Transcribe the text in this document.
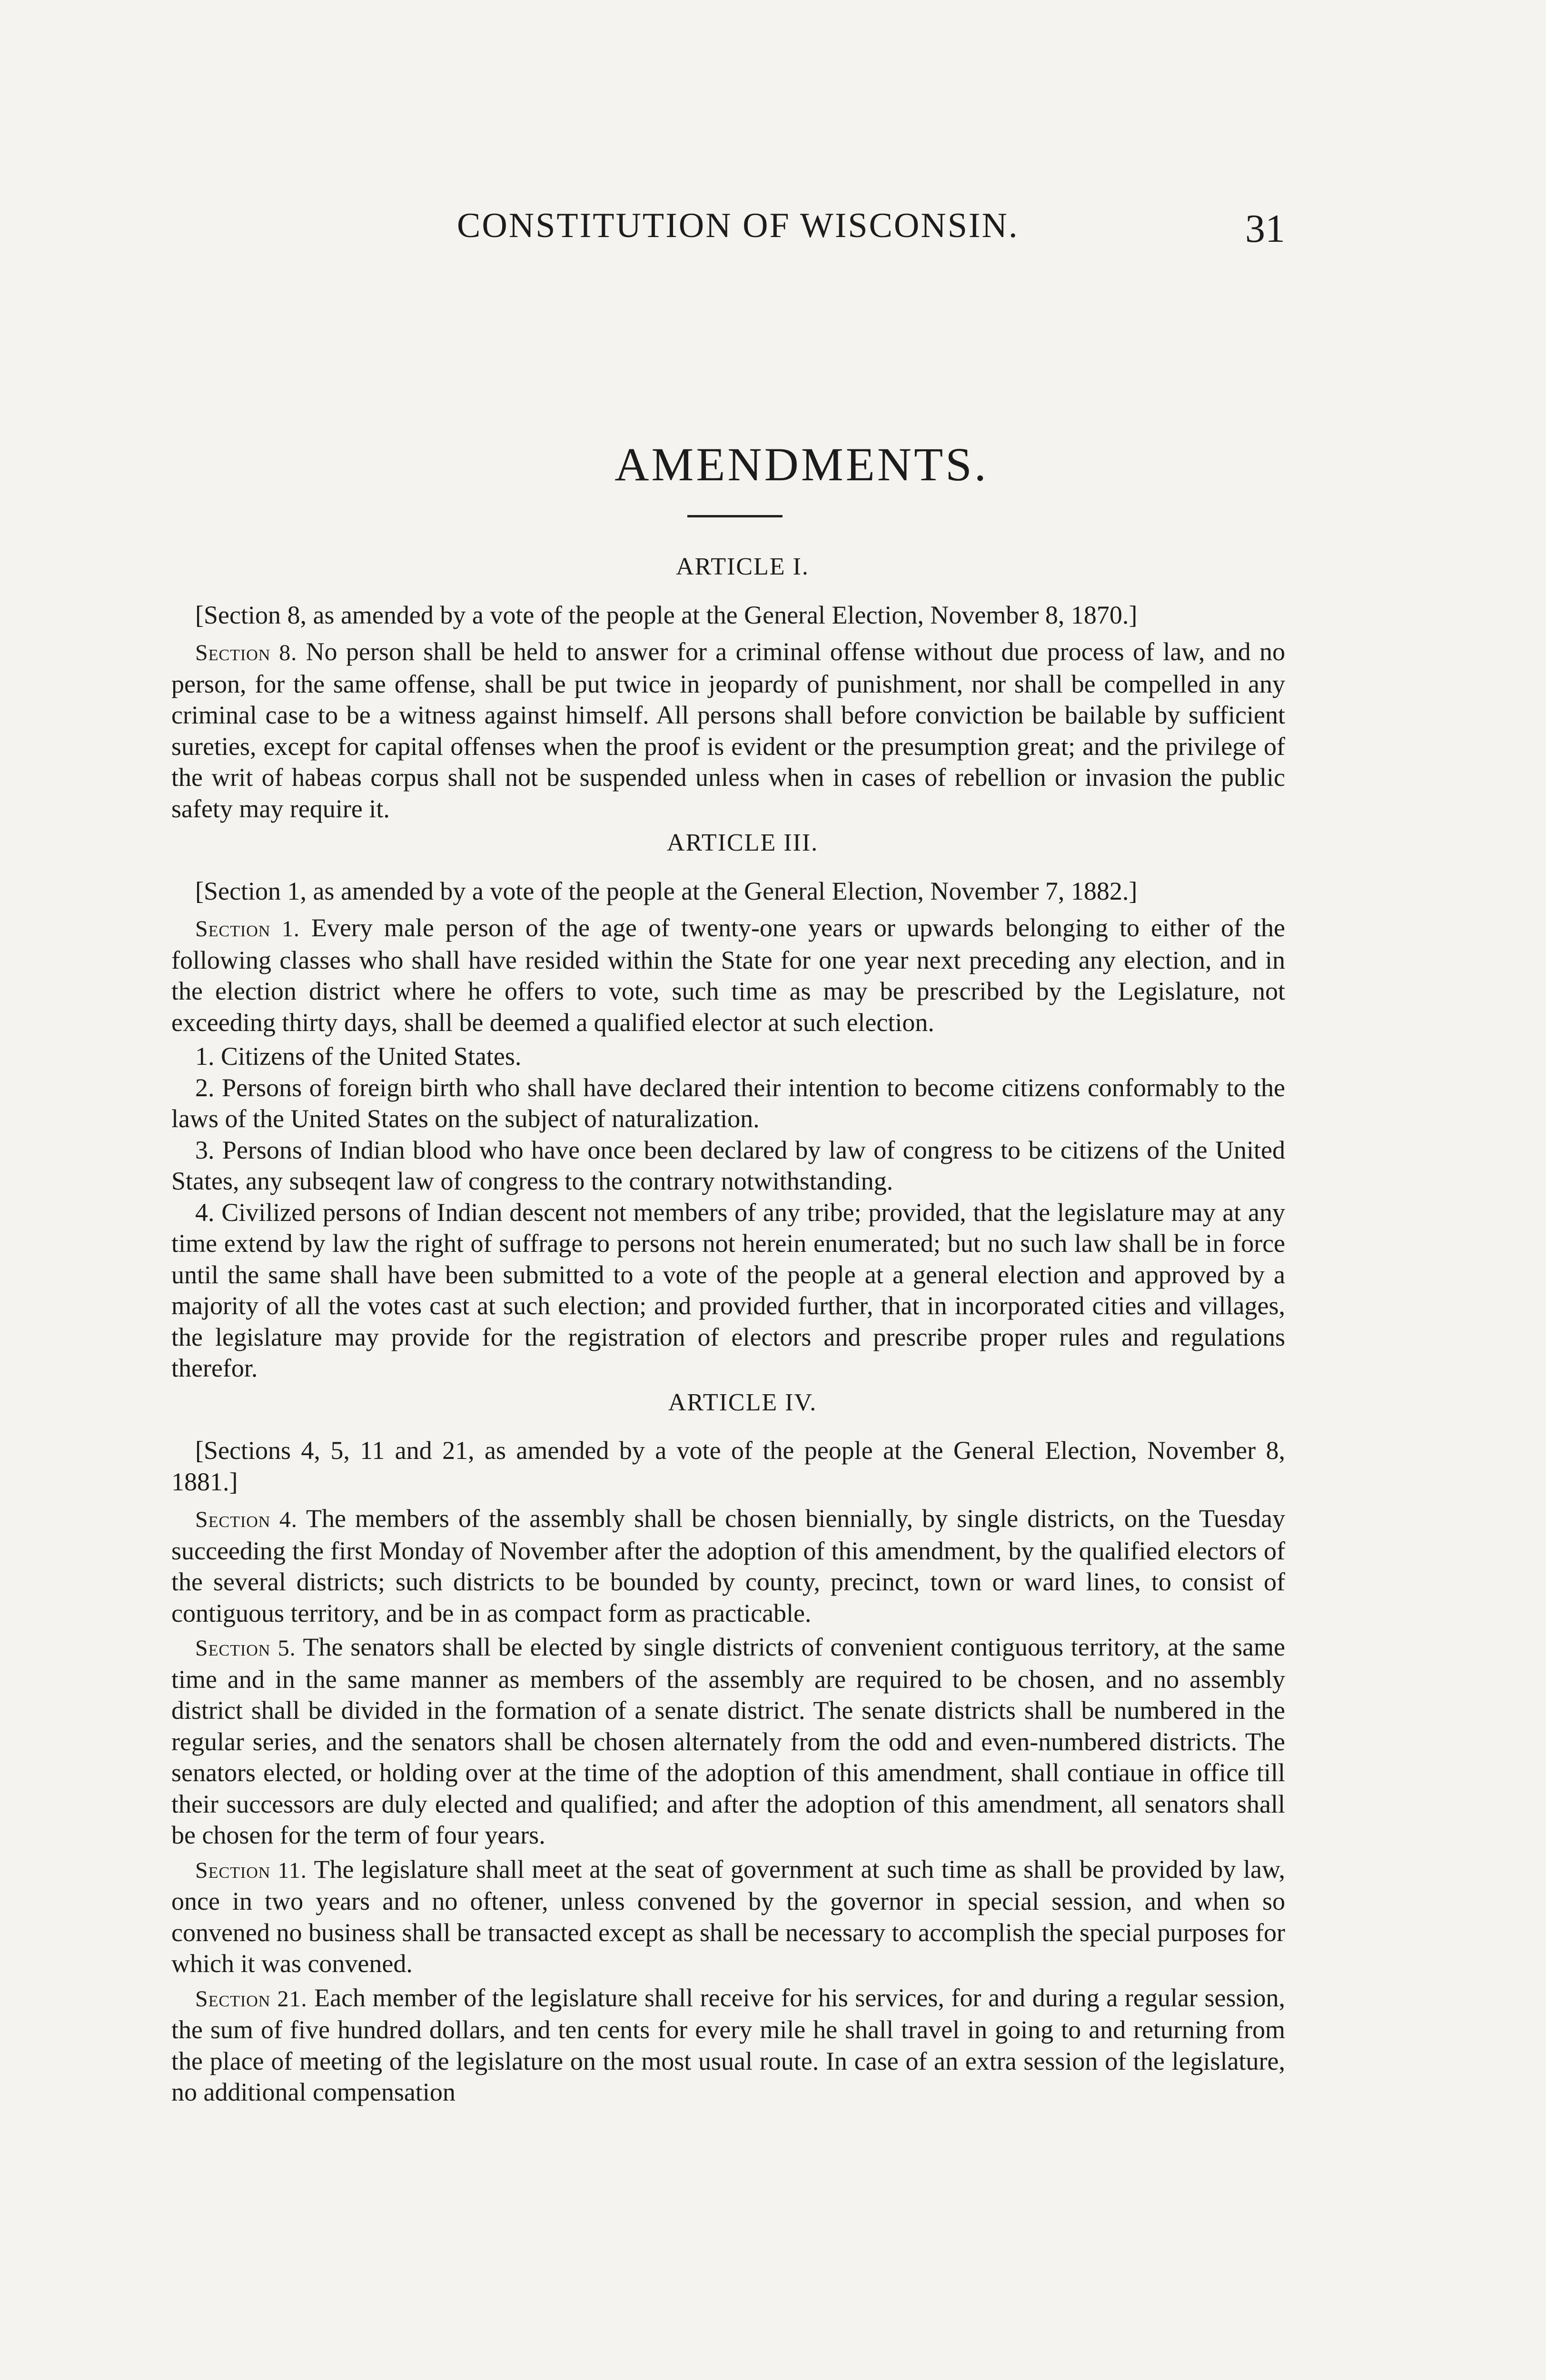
CONSTITUTION OF WISCONSIN.	31
AMENDMENTS.

ARTICLE I.

[Section 8, as amended by a vote of the people at the General Election, November 8, 1870.]

Section 8. No person shall be held to answer for a criminal offense without due process of law, and no person, for the same offense, shall be put twice in jeopardy of punishment, nor shall be compelled in any criminal case to be a witness against himself. All persons shall before conviction be bailable by sufficient sureties, except for capital offenses when the proof is evident or the presumption great; and the privilege of the writ of habeas corpus shall not be suspended unless when in cases of rebellion or invasion the public safety may require it.

ARTICLE III.

[Section 1, as amended by a vote of the people at the General Election, November 7, 1882.]

Section 1. Every male person of the age of twenty-one years or upwards belonging to either of the following classes who shall have resided within the State for one year next preceding any election, and in the election district where he offers to vote, such time as may be prescribed by the Legislature, not exceeding thirty days, shall be deemed a qualified elector at such election.

1. Citizens of the United States.

2. Persons of foreign birth who shall have declared their intention to become citizens conformably to the laws of the United States on the subject of naturalization.

3. Persons of Indian blood who have once been declared by law of congress to be citizens of the United States, any subseqent law of congress to the contrary notwithstanding.

4. Civilized persons of Indian descent not members of any tribe; provided, that the legislature may at any time extend by law the right of suffrage to persons not herein enumerated; but no such law shall be in force until the same shall have been submitted to a vote of the people at a general election and approved by a majority of all the votes cast at such election; and provided further, that in incorporated cities and villages, the legislature may provide for the registration of electors and prescribe proper rules and regulations therefor.

ARTICLE IV.

[Sections 4, 5, 11 and 21, as amended by a vote of the people at the General Election, November 8, 1881.]

Section 4. The members of the assembly shall be chosen biennially, by single districts, on the Tuesday succeeding the first Monday of November after the adoption of this amendment, by the qualified electors of the several districts; such districts to be bounded by county, precinct, town or ward lines, to consist of contiguous territory, and be in as compact form as practicable.

Section 5. The senators shall be elected by single districts of convenient contiguous territory, at the same time and in the same manner as members of the assembly are required to be chosen, and no assembly district shall be divided in the formation of a senate district. The senate districts shall be numbered in the regular series, and the senators shall be chosen alternately from the odd and even-numbered districts. The senators elected, or holding over at the time of the adoption of this amendment, shall contiaue in office till their successors are duly elected and qualified; and after the adoption of this amendment, all senators shall be chosen for the term of four years.

Section 11. The legislature shall meet at the seat of government at such time as shall be provided by law, once in two years and no oftener, unless convened by the governor in special session, and when so convened no business shall be transacted except as shall be necessary to accomplish the special purposes for which it was convened.

Section 21. Each member of the legislature shall receive for his services, for and during a regular session, the sum of five hundred dollars, and ten cents for every mile he shall travel in going to and returning from the place of meeting of the legislature on the most usual route. In case of an extra session of the legislature, no additional compensation
